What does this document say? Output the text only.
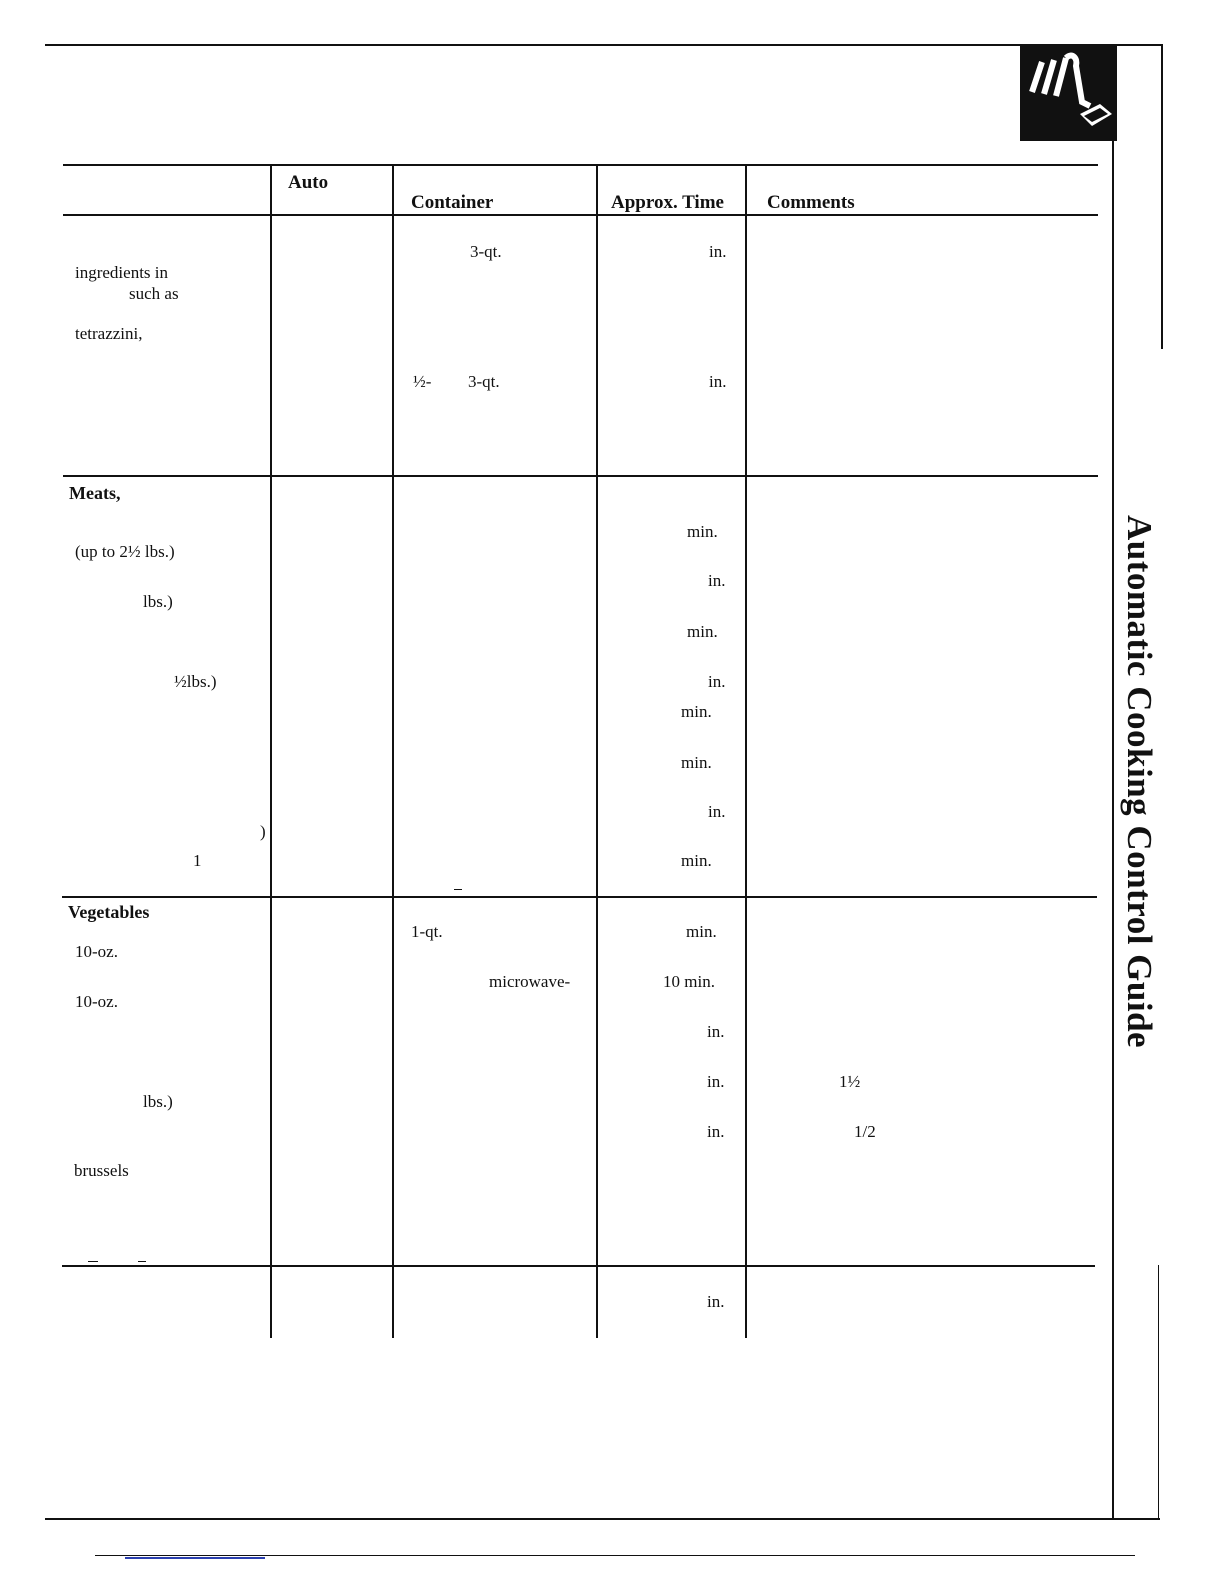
Automatic Cooking Control Guide
Auto
Container	Approx. Time Comments
ingredients in
such as
tetrazzini,
3-qt.
½- 3-qt.
in.
in.
Meats,
(up to 2½ lbs.)
lbs.)
½lbs.)
)
1
min.
in.
min.
in.
min.
min.
in.
min.
Vegetables
10-oz.
10-oz.
lbs.)
brussels
1-qt.
microwave-
min.
10 min.
in.
in.
in.
1½
1/2
in.
